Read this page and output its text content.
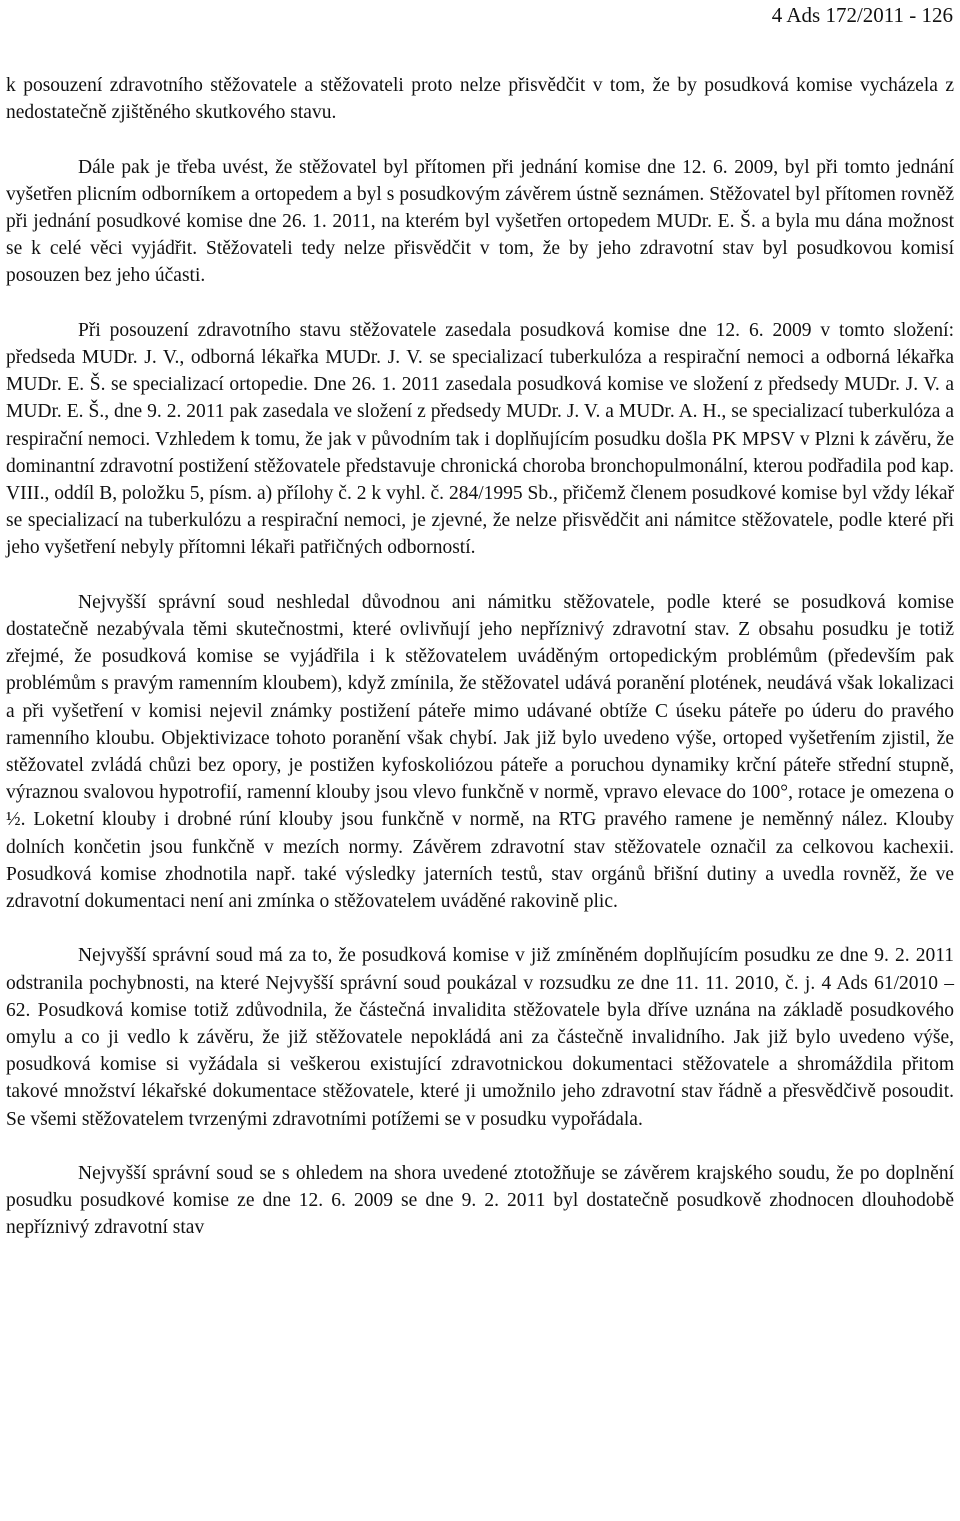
4 Ads 172/2011 - 126

k posouzení zdravotního stěžovatele a stěžovateli proto nelze přisvědčit v tom, že by posudková komise vycházela z nedostatečně zjištěného skutkového stavu.

Dále pak je třeba uvést, že stěžovatel byl přítomen při jednání komise dne 12. 6. 2009, byl při tomto jednání vyšetřen plicním odborníkem a ortopedem a byl s posudkovým závěrem ústně seznámen. Stěžovatel byl přítomen rovněž při jednání posudkové komise dne 26. 1. 2011, na kterém byl vyšetřen ortopedem MUDr. E. Š. a byla mu dána možnost se k celé věci vyjádřit. Stěžovateli tedy nelze přisvědčit v tom, že by jeho zdravotní stav byl posudkovou komisí posouzen bez jeho účasti.

Při posouzení zdravotního stavu stěžovatele zasedala posudková komise dne 12. 6. 2009 v tomto složení: předseda MUDr. J. V., odborná lékařka MUDr. J. V. se specializací tuberkulóza a respirační nemoci a odborná lékařka MUDr. E. Š. se specializací ortopedie. Dne 26. 1. 2011 zasedala posudková komise ve složení z předsedy MUDr. J. V. a MUDr. E. Š., dne 9. 2. 2011 pak zasedala ve složení z předsedy MUDr. J. V. a MUDr. A. H., se specializací tuberkulóza a respirační nemoci. Vzhledem k tomu, že jak v původním tak i doplňujícím posudku došla PK MPSV v Plzni k závěru, že dominantní zdravotní postižení stěžovatele představuje chronická choroba bronchopulmonální, kterou podřadila pod kap. VIII., oddíl B, položku 5, písm. a) přílohy č. 2 k vyhl. č. 284/1995 Sb., přičemž členem posudkové komise byl vždy lékař se specializací na tuberkulózu a respirační nemoci, je zjevné, že nelze přisvědčit ani námitce stěžovatele, podle které při jeho vyšetření nebyly přítomni lékaři patřičných odborností.

Nejvyšší správní soud neshledal důvodnou ani námitku stěžovatele, podle které se posudková komise dostatečně nezabývala těmi skutečnostmi, které ovlivňují jeho nepříznivý zdravotní stav. Z obsahu posudku je totiž zřejmé, že posudková komise se vyjádřila i k stěžovatelem uváděným ortopedickým problémům (především pak problémům s pravým ramenním kloubem), když zmínila, že stěžovatel udává poranění plotének, neudává však lokalizaci a při vyšetření v komisi nejevil známky postižení páteře mimo udávané obtíže C úseku páteře po úderu do pravého ramenního kloubu. Objektivizace tohoto poranění však chybí. Jak již bylo uvedeno výše, ortoped vyšetřením zjistil, že stěžovatel zvládá chůzi bez opory, je postižen kyfoskoliózou páteře a poruchou dynamiky krční páteře střední stupně, výraznou svalovou hypotrofií, ramenní klouby jsou vlevo funkčně v normě, vpravo elevace do 100°, rotace je omezena o ½. Loketní klouby i drobné rúní klouby jsou funkčně v normě, na RTG pravého ramene je neměnný nález. Klouby dolních končetin jsou funkčně v mezích normy. Závěrem zdravotní stav stěžovatele označil za celkovou kachexii. Posudková komise zhodnotila např. také výsledky jaterních testů, stav orgánů břišní dutiny a uvedla rovněž, že ve zdravotní dokumentaci není ani zmínka o stěžovatelem uváděné rakovině plic.

Nejvyšší správní soud má za to, že posudková komise v již zmíněném doplňujícím posudku ze dne 9. 2. 2011 odstranila pochybnosti, na které Nejvyšší správní soud poukázal v rozsudku ze dne 11. 11. 2010, č. j. 4 Ads 61/2010 – 62. Posudková komise totiž zdůvodnila, že částečná invalidita stěžovatele byla dříve uznána na základě posudkového omylu a co ji vedlo k závěru, že již stěžovatele nepokládá ani za částečně invalidního. Jak již bylo uvedeno výše, posudková komise si vyžádala si veškerou existující zdravotnickou dokumentaci stěžovatele a shromáždila přitom takové množství lékařské dokumentace stěžovatele, které ji umožnilo jeho zdravotní stav řádně a přesvědčivě posoudit. Se všemi stěžovatelem tvrzenými zdravotními potížemi se v posudku vypořádala.

Nejvyšší správní soud se s ohledem na shora uvedené ztotožňuje se závěrem krajského soudu, že po doplnění posudku posudkové komise ze dne 12. 6. 2009 se dne 9. 2. 2011 byl dostatečně posudkově zhodnocen dlouhodobě nepříznivý zdravotní stav
